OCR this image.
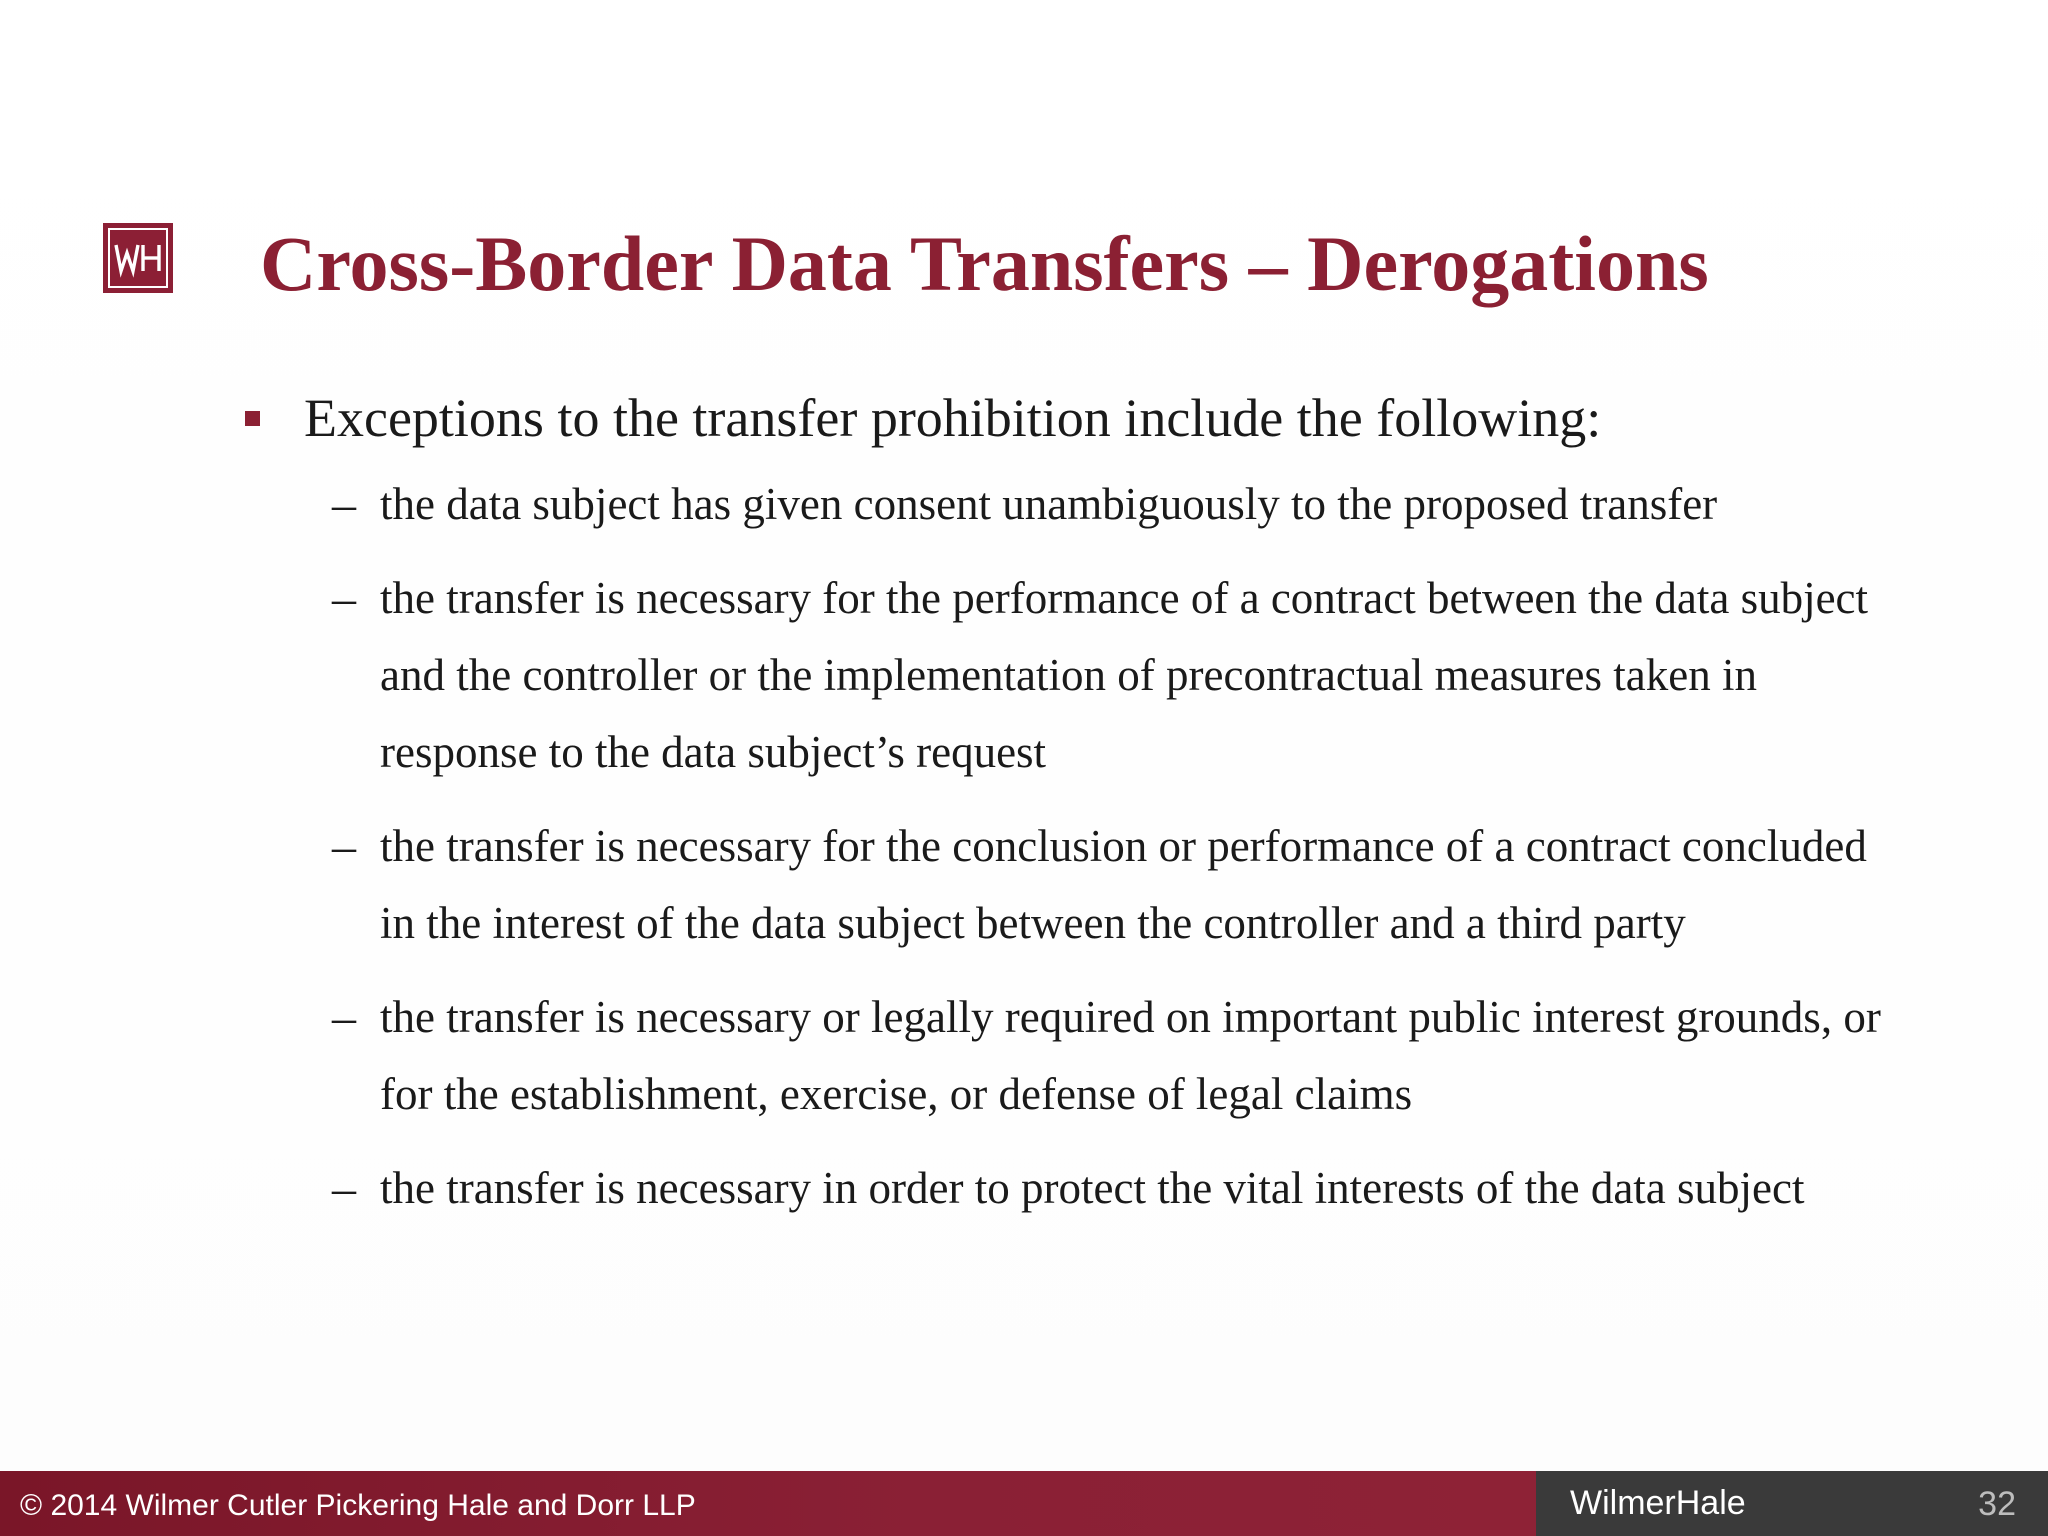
Cross-Border Data Transfers – Derogations

Exceptions to the transfer prohibition include the following:

– the data subject has given consent unambiguously to the proposed transfer

– the transfer is necessary for the performance of a contract between the data subject and the controller or the implementation of precontractual measures taken in response to the data subject’s request

– the transfer is necessary for the conclusion or performance of a contract concluded in the interest of the data subject between the controller and a third party

– the transfer is necessary or legally required on important public interest grounds, or for the establishment, exercise, or defense of legal claims

– the transfer is necessary in order to protect the vital interests of the data subject

© 2014 Wilmer Cutler Pickering Hale and Dorr LLP	WilmerHale	32
